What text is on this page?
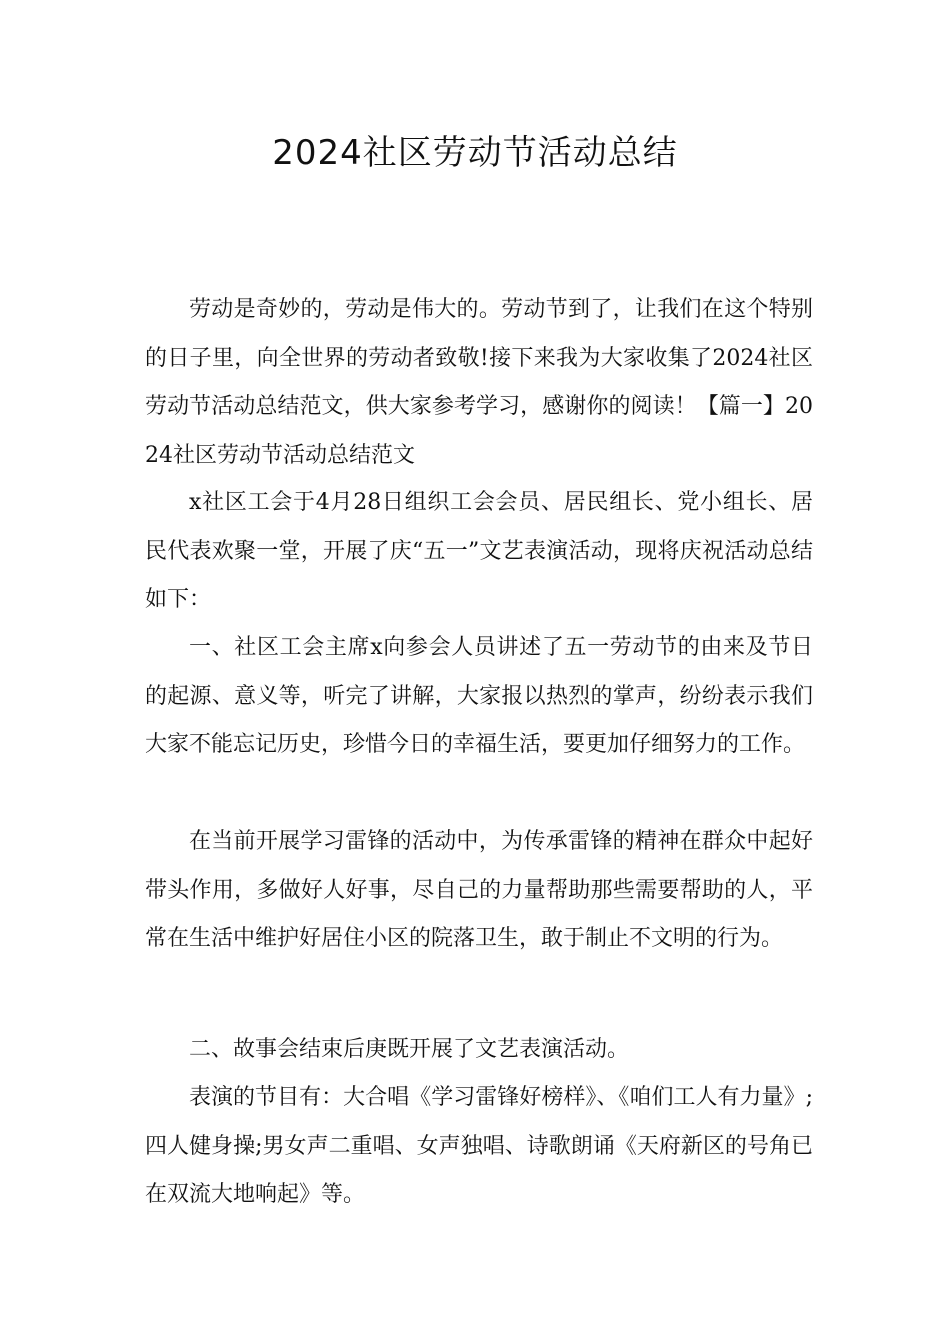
2024社区劳动节活动总结

劳动是奇妙的，劳动是伟大的。劳动节到了，让我们在这个特别的日子里，向全世界的劳动者致敬!接下来我为大家收集了2024社区劳动节活动总结范文，供大家参考学习，感谢你的阅读！【篇一】2024社区劳动节活动总结范文

x社区工会于4月28日组织工会会员、居民组长、党小组长、居民代表欢聚一堂，开展了庆“五一”文艺表演活动，现将庆祝活动总结如下：

一、社区工会主席x向参会人员讲述了五一劳动节的由来及节日的起源、意义等，听完了讲解，大家报以热烈的掌声，纷纷表示我们大家不能忘记历史，珍惜今日的幸福生活，要更加仔细努力的工作。

在当前开展学习雷锋的活动中，为传承雷锋的精神在群众中起好带头作用，多做好人好事，尽自己的力量帮助那些需要帮助的人，平常在生活中维护好居住小区的院落卫生，敢于制止不文明的行为。

二、故事会结束后庚既开展了文艺表演活动。

表演的节目有：大合唱《学习雷锋好榜样》、《咱们工人有力量》;四人健身操;男女声二重唱、女声独唱、诗歌朗诵《天府新区的号角已在双流大地响起》等。
